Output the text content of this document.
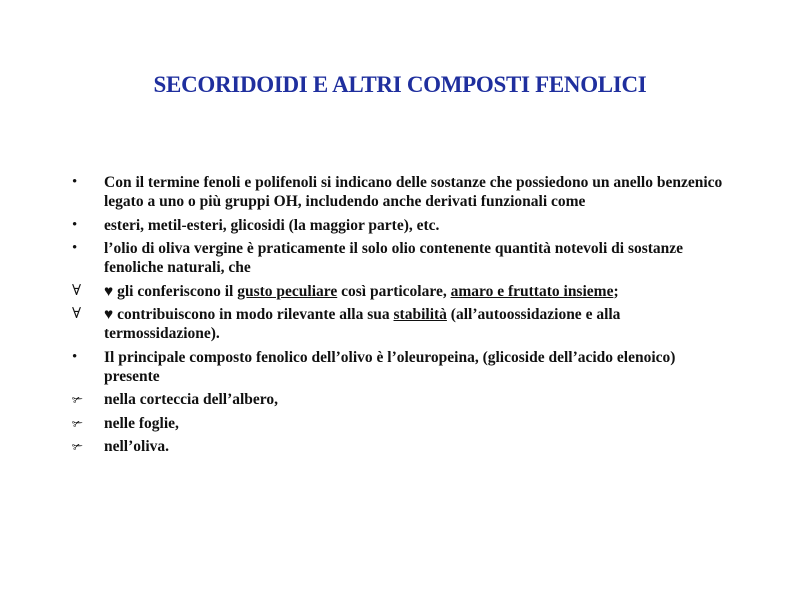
SECORIDOIDI E ALTRI COMPOSTI FENOLICI
•	Con il termine fenoli e polifenoli si indicano delle sostanze che possiedono un anello benzenico legato a uno o più gruppi OH, includendo anche derivati funzionali come
•	esteri, metil-esteri, glicosidi (la maggior parte), etc.
•	l’olio di oliva vergine è praticamente il solo olio contenente quantità notevoli di sostanze fenoliche naturali, che
∀	♥ gli conferiscono il gusto peculiare così particolare, amaro e fruttato insieme;
∀	♥ contribuiscono in modo rilevante alla sua stabilità (all’autoossidazione e alla termossidazione).
•	Il principale composto fenolico dell’olivo è l’oleuropeina, (glicoside dell’acido elenoico) presente
✃	nella corteccia dell’albero,
✃	nelle foglie,
✃	nell’oliva.
